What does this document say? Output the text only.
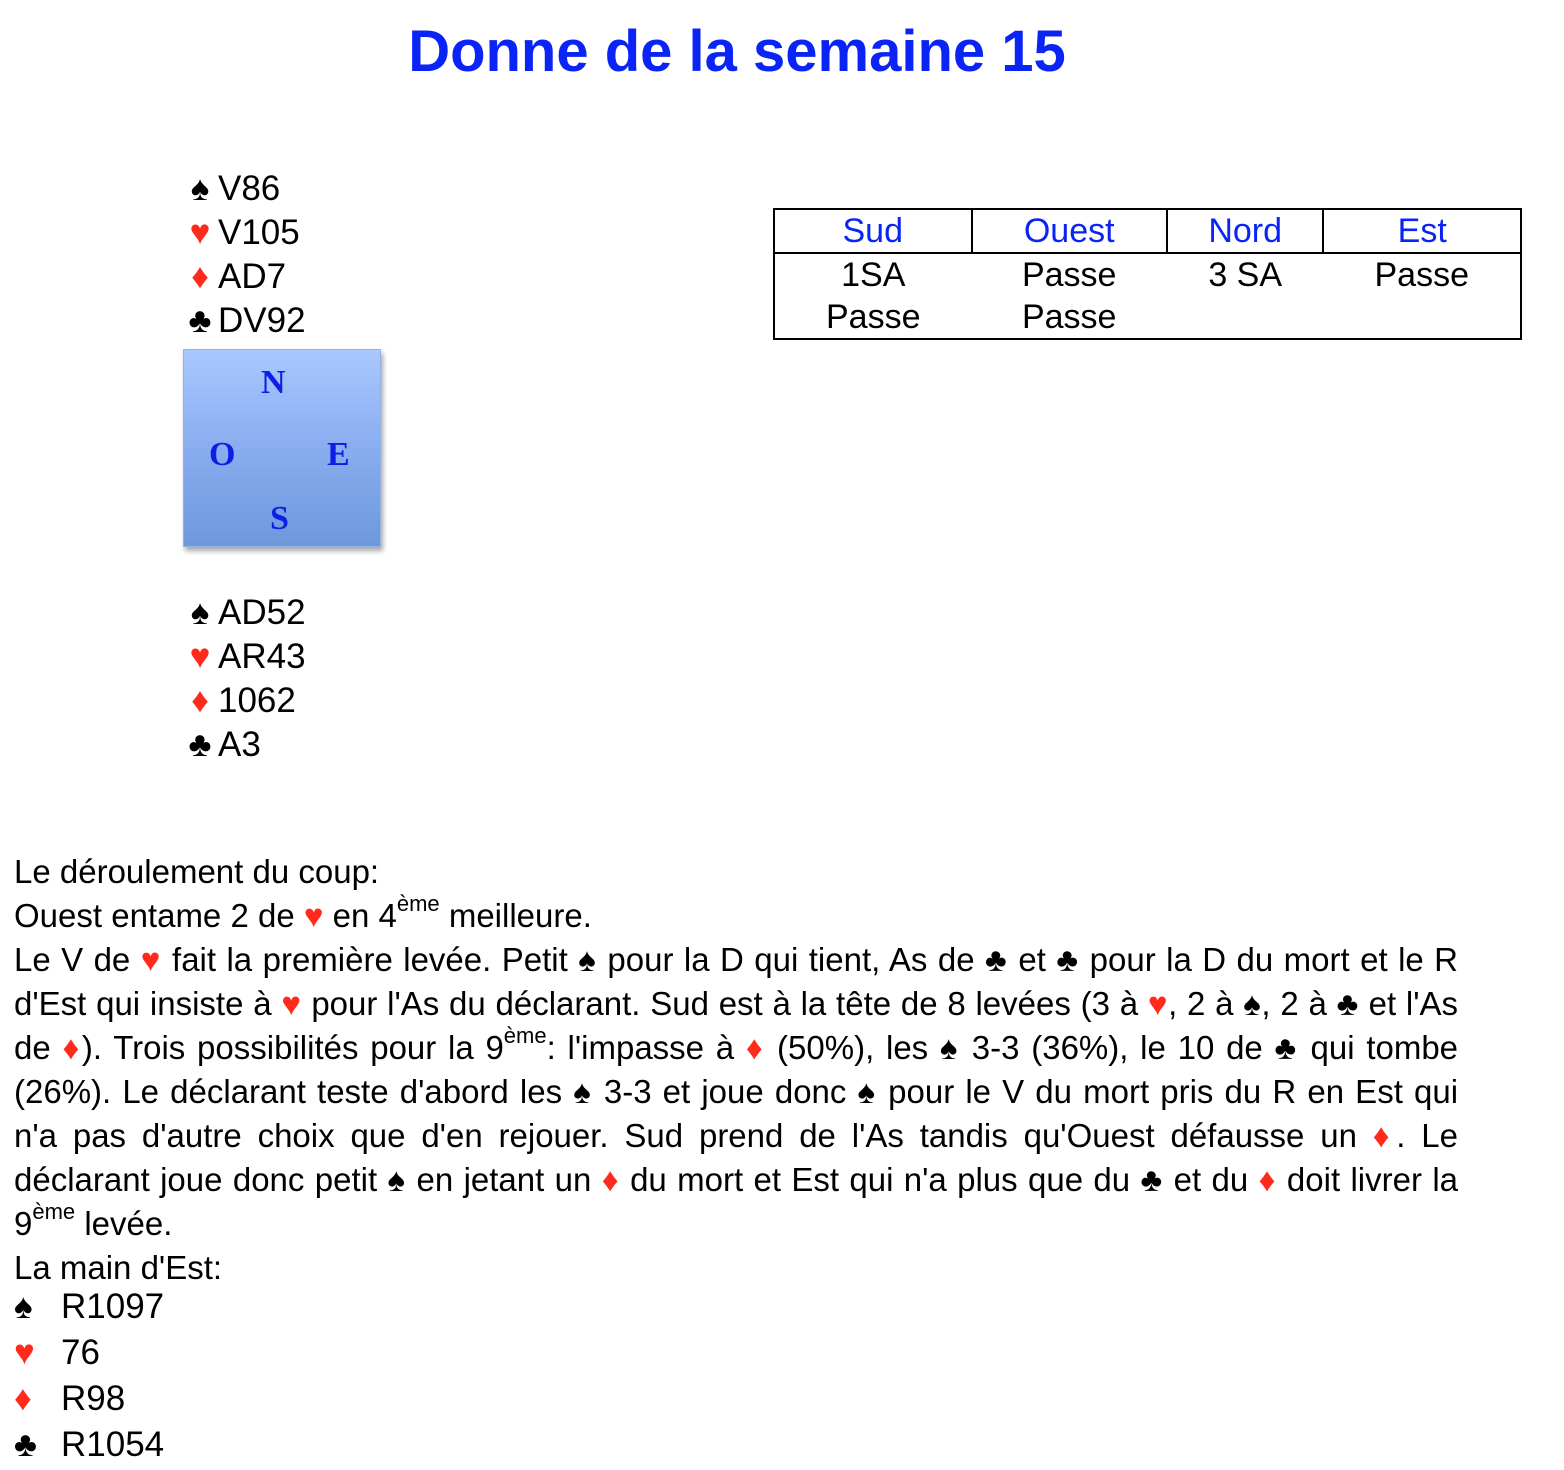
Donne de la semaine 15
♠ V86
♥ V105
♦ AD7
♣ DV92
N
O	E
S
♠ AD52
♥ AR43
♦ 1062
♣ A3
Sud	Ouest	Nord	Est
1SA	Passe	3 SA	Passe
Passe	Passe		
Le déroulement du coup:
Ouest entame 2 de ♥ en 4ème meilleure.
Le V de ♥ fait la première levée. Petit ♠ pour la D qui tient, As de ♣ et ♣ pour la D du mort et le R d'Est qui insiste à ♥ pour l'As du déclarant. Sud est à la tête de 8 levées (3 à ♥, 2 à ♠, 2 à ♣ et l'As de ♦). Trois possibilités pour la 9ème: l'impasse à ♦ (50%), les ♠ 3-3 (36%), le 10 de ♣ qui tombe (26%). Le déclarant teste d'abord les ♠ 3-3 et joue donc ♠ pour le V du mort pris du R en Est qui n'a pas d'autre choix que d'en rejouer. Sud prend de l'As tandis qu'Ouest défausse un ♦. Le déclarant joue donc petit ♠ en jetant un ♦ du mort et Est qui n'a plus que du ♣ et du ♦ doit livrer la 9ème levée.
La main d'Est:
♠ R1097
♥ 76
♦ R98
♣ R1054
